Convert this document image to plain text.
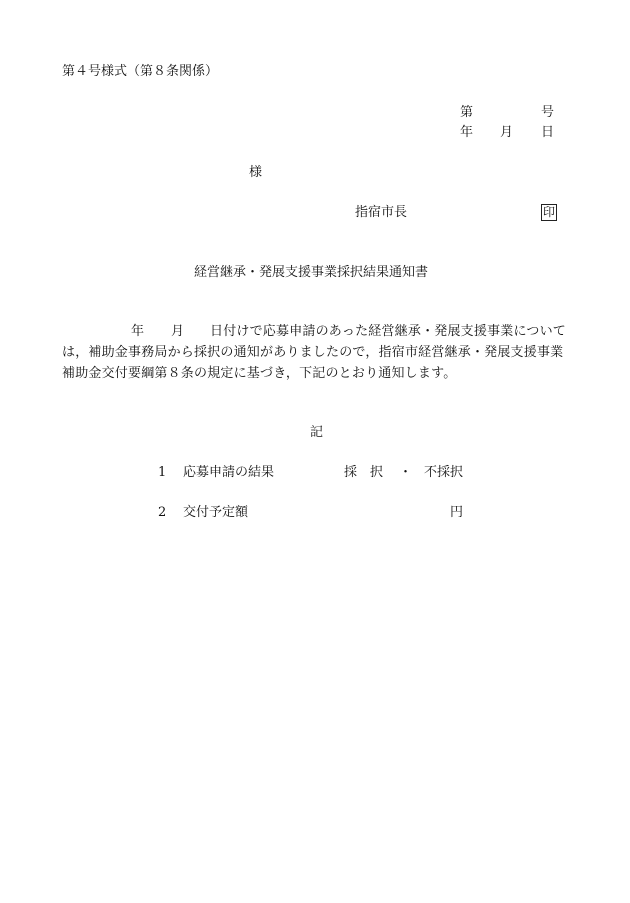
第４号様式（第８条関係）
第	号
年 月 日
様
指宿市長	印
経営継承・発展支援事業採択結果通知書
年 月 日付けで応募申請のあった経営継承・発展支援事業について
は，補助金事務局から採択の通知がありましたので，指宿市経営継承・発展支援事業
補助金交付要綱第８条の規定に基づき，下記のとおり通知します。
記
1 応募申請の結果	採　択 ・ 不採択
2 交付予定額	円
